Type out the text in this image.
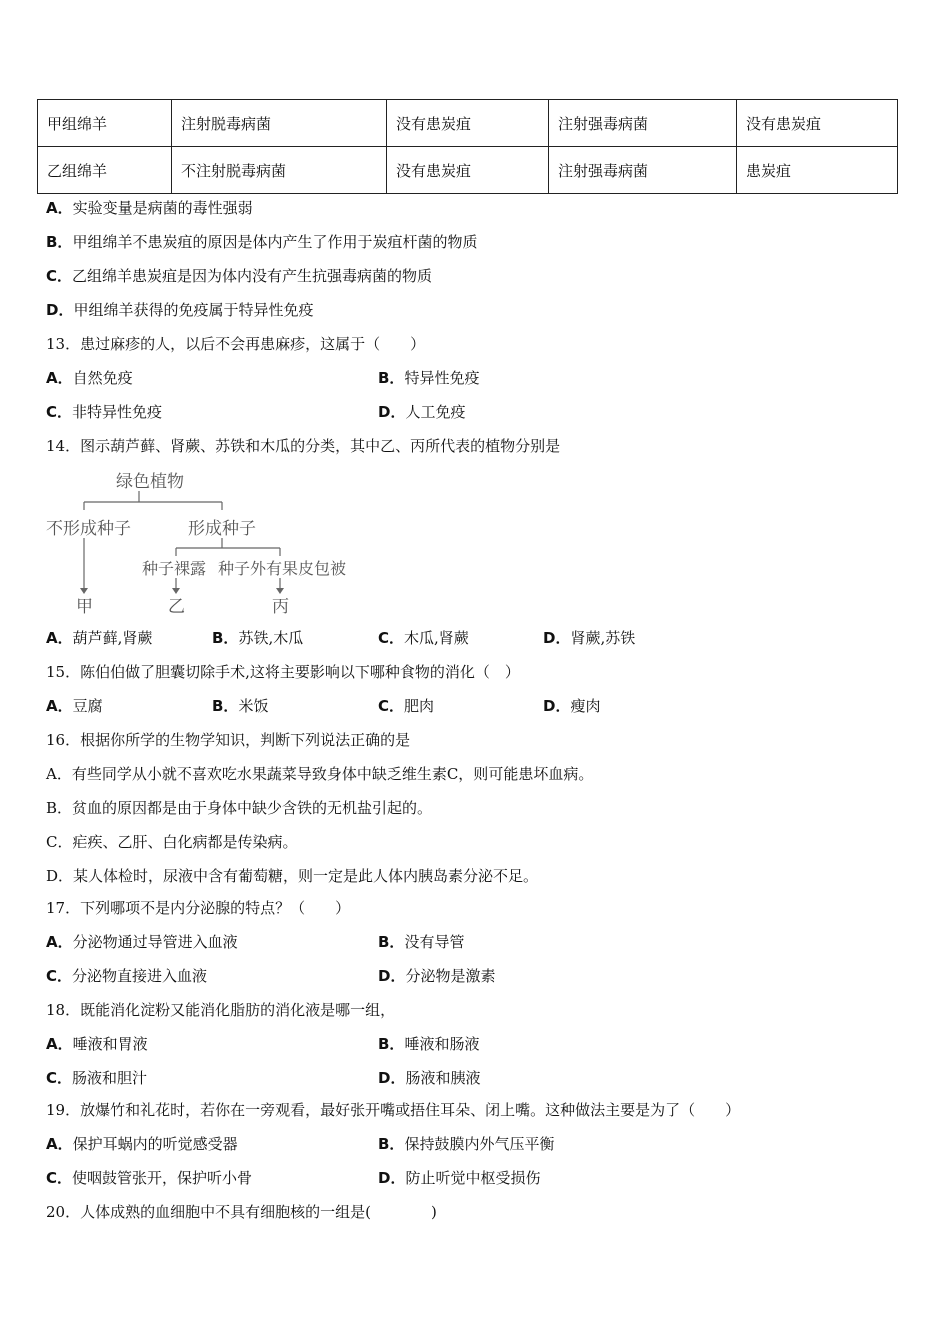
甲组绵羊	注射脱毒病菌	没有患炭疽	注射强毒病菌	没有患炭疽
乙组绵羊	不注射脱毒病菌	没有患炭疽	注射强毒病菌	患炭疽
A．实验变量是病菌的毒性强弱
B．甲组绵羊不患炭疽的原因是体内产生了作用于炭疽杆菌的物质
C．乙组绵羊患炭疽是因为体内没有产生抗强毒病菌的物质
D．甲组绵羊获得的免疫属于特异性免疫
13．患过麻疹的人，以后不会再患麻疹，这属于（　　）
A．自然免疫	B．特异性免疫
C．非特异性免疫	D．人工免疫
14．图示葫芦藓、肾蕨、苏铁和木瓜的分类，其中乙、丙所代表的植物分别是
绿色植物
不形成种子	形成种子
种子裸露 种子外有果皮包被
甲	乙	丙
A．葫芦藓,肾蕨	B．苏铁,木瓜	C．木瓜,肾蕨	D．肾蕨,苏铁
15．陈伯伯做了胆囊切除手术,这将主要影响以下哪种食物的消化（　）
A．豆腐	B．米饭	C．肥肉	D．瘦肉
16．根据你所学的生物学知识，判断下列说法正确的是
A．有些同学从小就不喜欢吃水果蔬菜导致身体中缺乏维生素C，则可能患坏血病。
B．贫血的原因都是由于身体中缺少含铁的无机盐引起的。
C．疟疾、乙肝、白化病都是传染病。
D．某人体检时，尿液中含有葡萄糖，则一定是此人体内胰岛素分泌不足。
17．下列哪项不是内分泌腺的特点？（　　）
A．分泌物通过导管进入血液	B．没有导管
C．分泌物直接进入血液	D．分泌物是激素
18．既能消化淀粉又能消化脂肪的消化液是哪一组，
A．唾液和胃液	B．唾液和肠液
C．肠液和胆汁	D．肠液和胰液
19．放爆竹和礼花时，若你在一旁观看，最好张开嘴或捂住耳朵、闭上嘴。这种做法主要是为了（　　）
A．保护耳蜗内的听觉感受器	B．保持鼓膜内外气压平衡
C．使咽鼓管张开，保护听小骨	D．防止听觉中枢受损伤
20．人体成熟的血细胞中不具有细胞核的一组是(　　　　)
